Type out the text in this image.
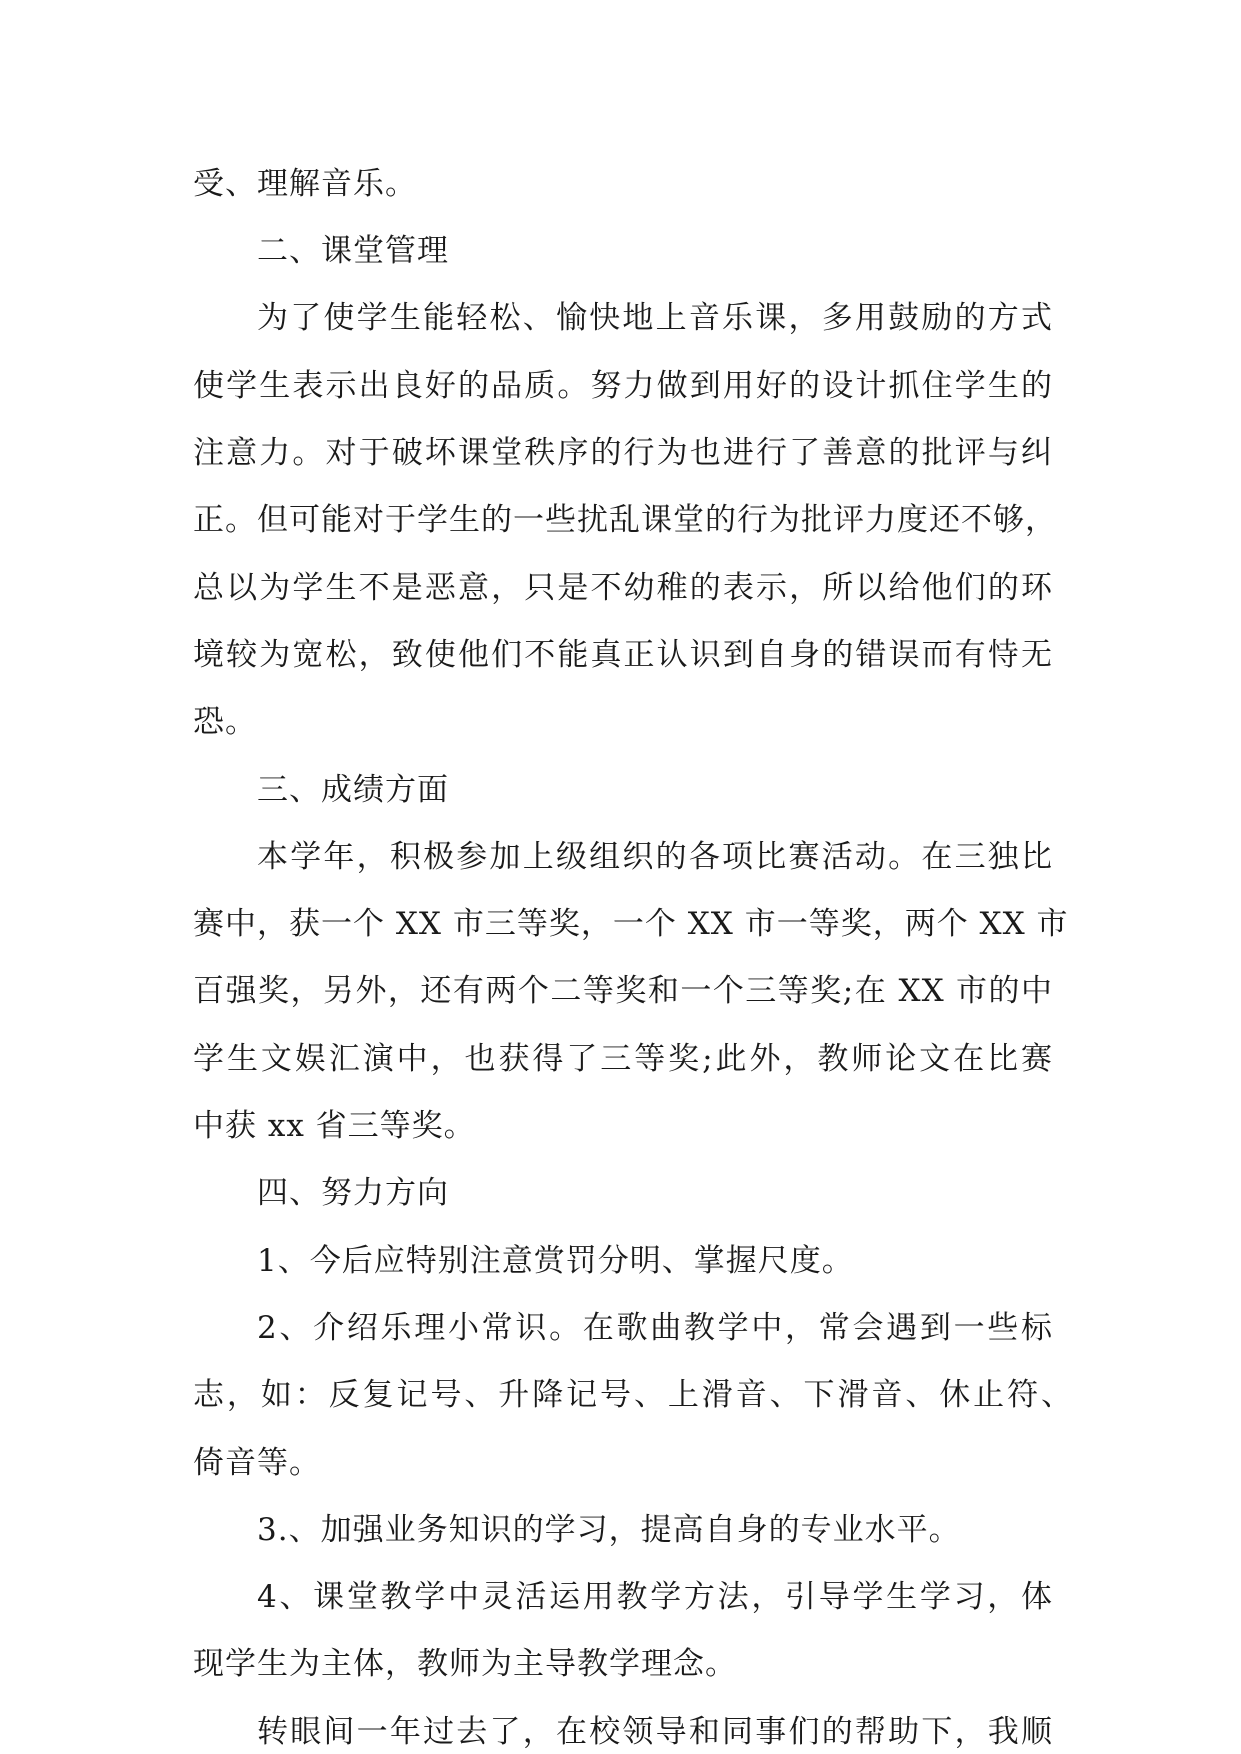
受、理解音乐。
二、课堂管理
为了使学生能轻松、愉快地上音乐课，多用鼓励的方式
使学生表示出良好的品质。努力做到用好的设计抓住学生的
注意力。对于破坏课堂秩序的行为也进行了善意的批评与纠
正。但可能对于学生的一些扰乱课堂的行为批评力度还不够，
总以为学生不是恶意，只是不幼稚的表示，所以给他们的环
境较为宽松，致使他们不能真正认识到自身的错误而有恃无
恐。
三、成绩方面
本学年，积极参加上级组织的各项比赛活动。在三独比
赛中，获一个 XX 市三等奖，一个 XX 市一等奖，两个 XX 市
百强奖，另外，还有两个二等奖和一个三等奖;在 XX 市的中
学生文娱汇演中，也获得了三等奖;此外，教师论文在比赛
中获 xx 省三等奖。
四、努力方向
1、今后应特别注意赏罚分明、掌握尺度。
2、介绍乐理小常识。在歌曲教学中，常会遇到一些标
志，如：反复记号、升降记号、上滑音、下滑音、休止符、
倚音等。
3.、加强业务知识的学习，提高自身的专业水平。
4、课堂教学中灵活运用教学方法，引导学生学习，体
现学生为主体，教师为主导教学理念。
转眼间一年过去了，在校领导和同事们的帮助下，我顺
